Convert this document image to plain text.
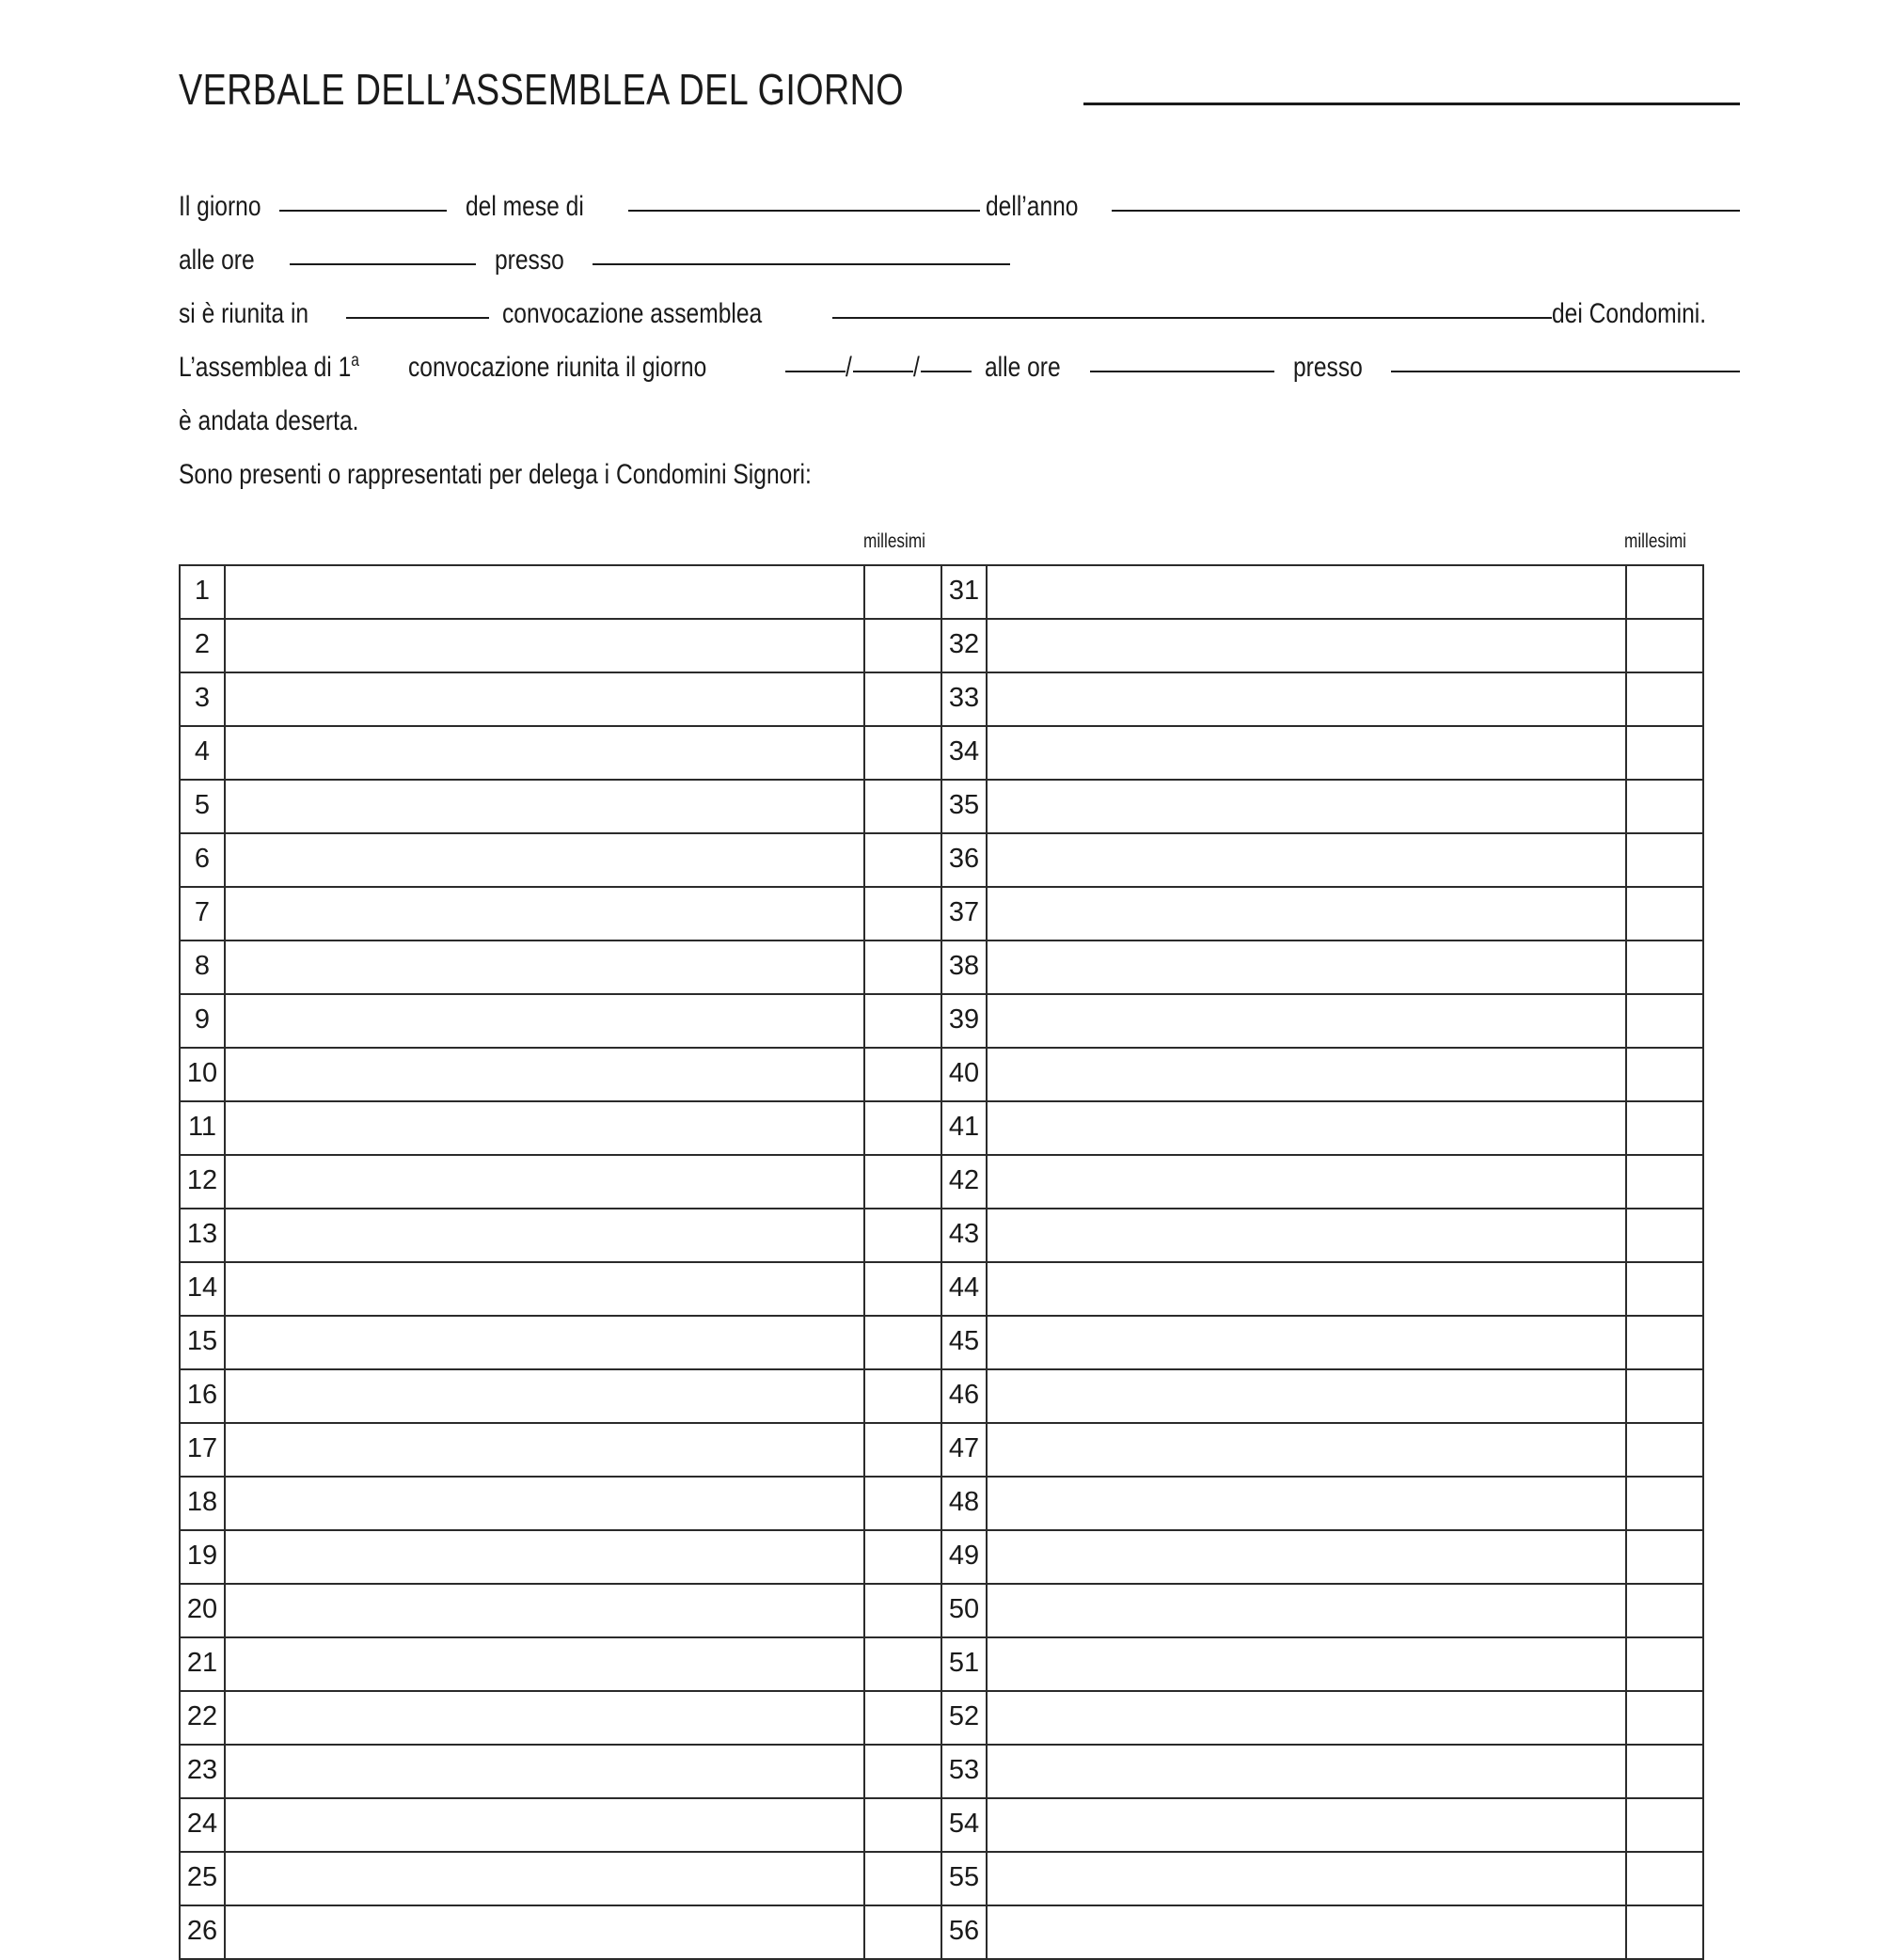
VERBALE DELL’ASSEMBLEA DEL GIORNO
Il giorno	del mese di	dell’anno
alle ore	presso
si è riunita in	convocazione assemblea	dei Condomini.
L’assemblea di 1$^a$ convocazione riunita il giorno	/ / alle ore	presso
è andata deserta.
Sono presenti o rappresentati per delega i Condomini Signori:
millesimi	millesimi
1			31		
2			32		
3			33		
4			34		
5			35		
6			36		
7			37		
8			38		
9			39		
10			40		
11			41		
12			42		
13			43		
14			44		
15			45		
16			46		
17			47		
18			48		
19			49		
20			50		
21			51		
22			52		
23			53		
24			54		
25			55		
26			56		
